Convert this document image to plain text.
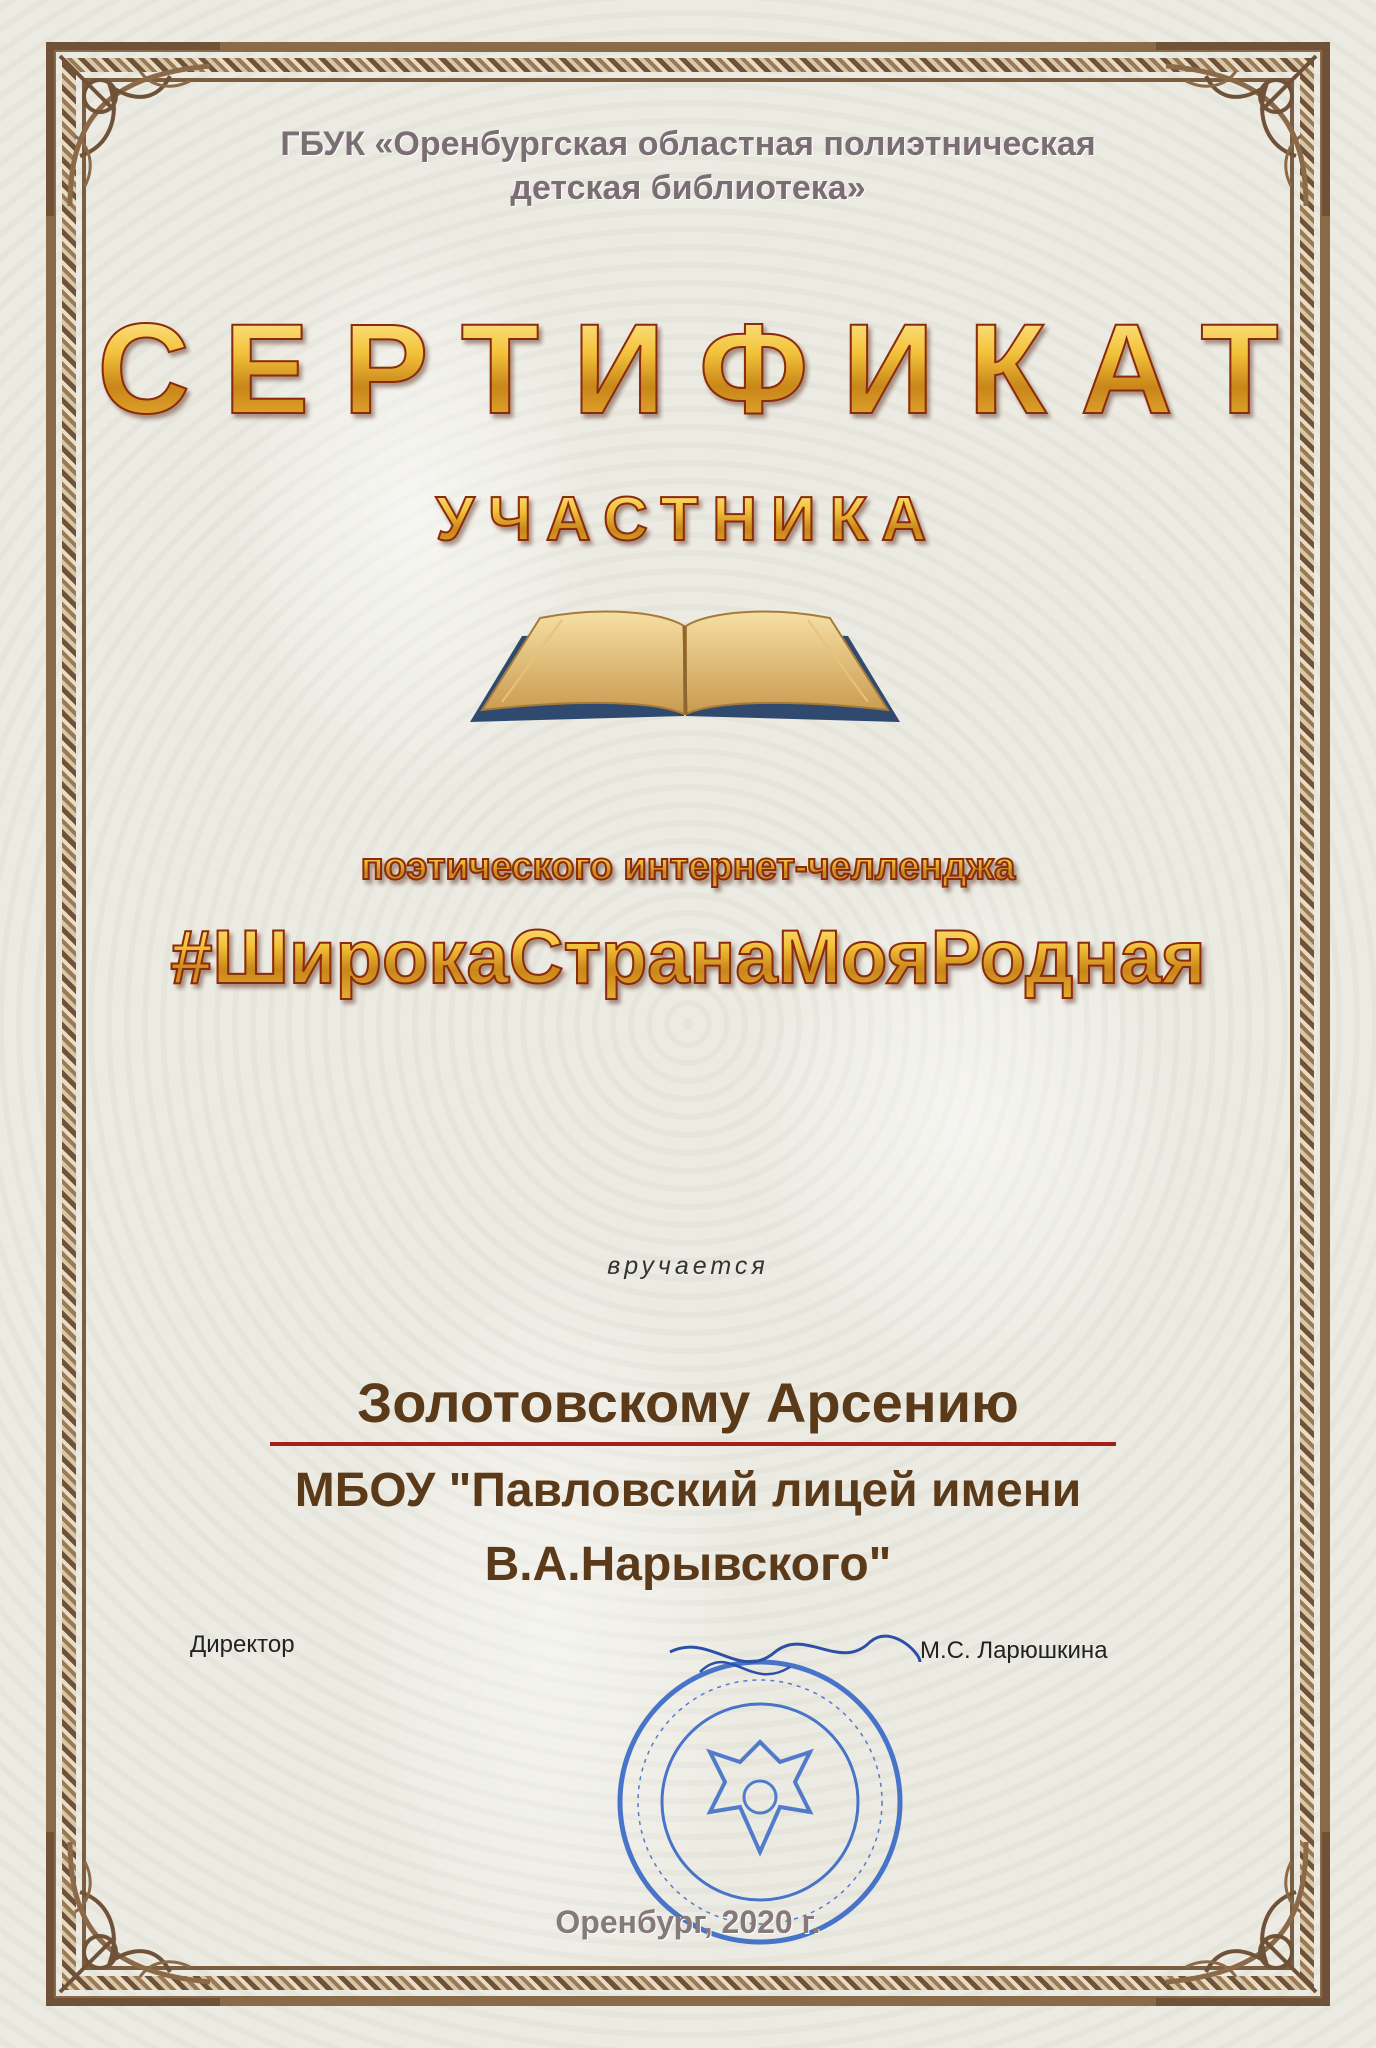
ГБУК «Оренбургская областная полиэтническая
детская библиотека»
СЕРТИФИКАТ
УЧАСТНИКА
поэтического интернет-челленджа
#ШирокаСтранаМояРодная
вручается
Золотовскому Арсению
МБОУ "Павловский лицей имени
В.А.Нарывского"
Директор	М.С. Ларюшкина
Оренбург, 2020 г.
